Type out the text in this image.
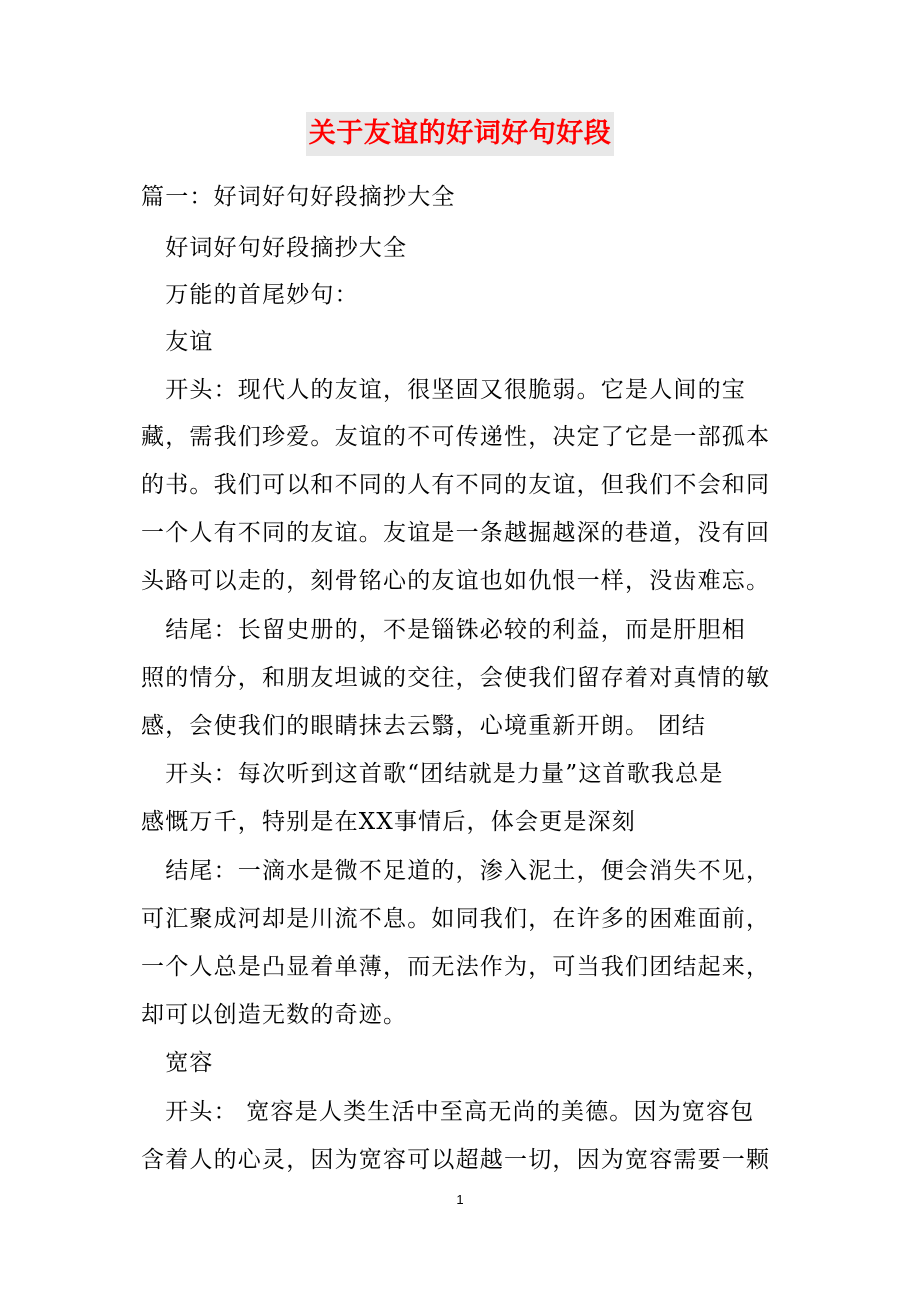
关于友谊的好词好句好段
篇一：好词好句好段摘抄大全
　好词好句好段摘抄大全
　万能的首尾妙句：
　友谊
　开头：现代人的友谊，很坚固又很脆弱。它是人间的宝
藏，需我们珍爱。友谊的不可传递性，决定了它是一部孤本
的书。我们可以和不同的人有不同的友谊，但我们不会和同
一个人有不同的友谊。友谊是一条越掘越深的巷道，没有回
头路可以走的，刻骨铭心的友谊也如仇恨一样，没齿难忘。
　结尾：长留史册的，不是锱铢必较的利益，而是肝胆相
照的情分，和朋友坦诚的交往，会使我们留存着对真情的敏
感，会使我们的眼睛抹去云翳，心境重新开朗。 团结
　开头：每次听到这首歌“团结就是力量”这首歌我总是
感慨万千，特别是在XX事情后，体会更是深刻
　结尾：一滴水是微不足道的，渗入泥土，便会消失不见，
可汇聚成河却是川流不息。如同我们，在许多的困难面前，
一个人总是凸显着单薄，而无法作为，可当我们团结起来，
却可以创造无数的奇迹。
　宽容
　开头： 宽容是人类生活中至高无尚的美德。因为宽容包
含着人的心灵，因为宽容可以超越一切，因为宽容需要一颗
1
